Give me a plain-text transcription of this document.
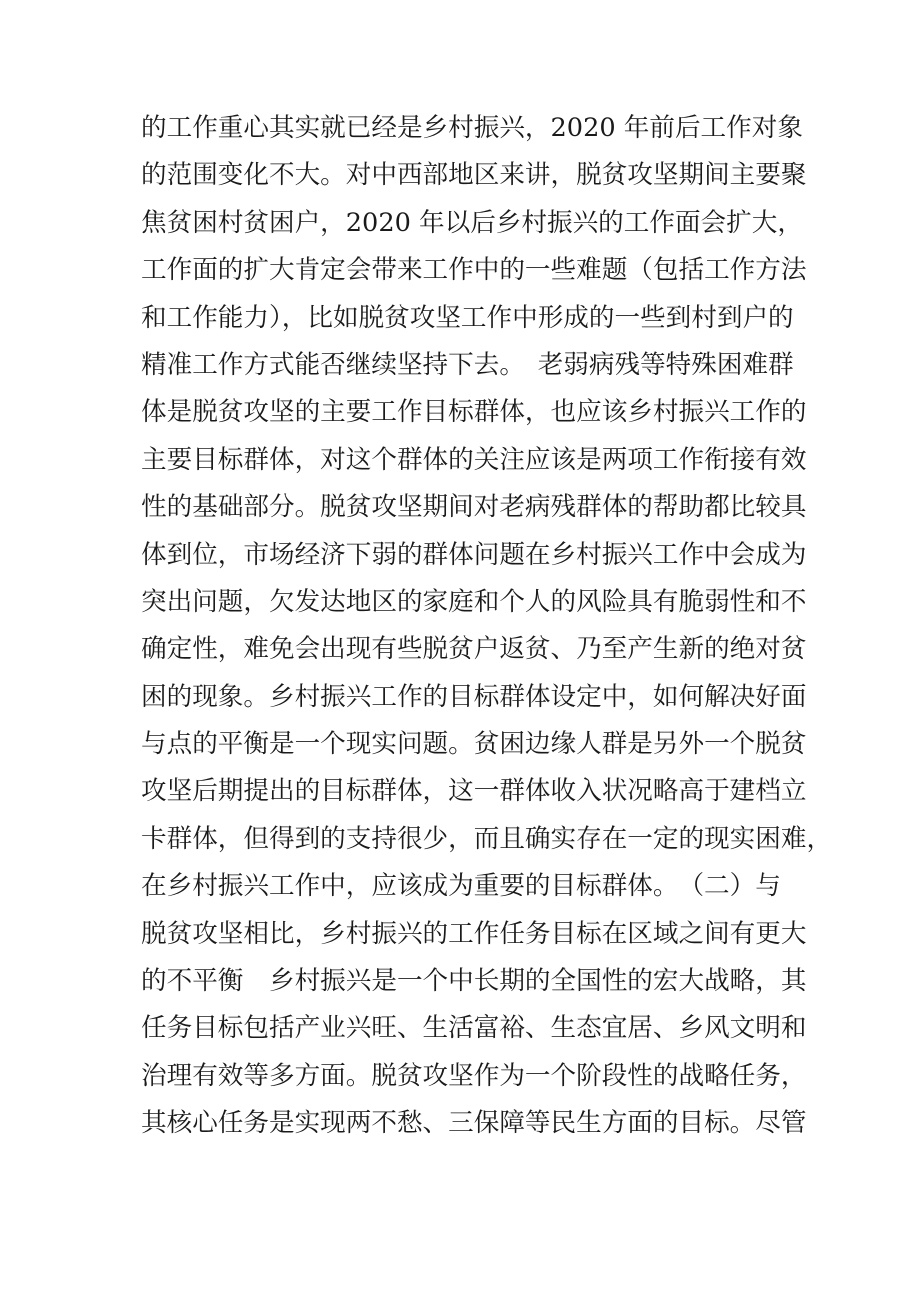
的工作重心其实就已经是乡村振兴，2020 年前后工作对象
的范围变化不大。对中西部地区来讲，脱贫攻坚期间主要聚
焦贫困村贫困户，2020 年以后乡村振兴的工作面会扩大，
工作面的扩大肯定会带来工作中的一些难题（包括工作方法
和工作能力），比如脱贫攻坚工作中形成的一些到村到户的
精准工作方式能否继续坚持下去。　老弱病残等特殊困难群
体是脱贫攻坚的主要工作目标群体，也应该乡村振兴工作的
主要目标群体，对这个群体的关注应该是两项工作衔接有效
性的基础部分。脱贫攻坚期间对老病残群体的帮助都比较具
体到位，市场经济下弱的群体问题在乡村振兴工作中会成为
突出问题，欠发达地区的家庭和个人的风险具有脆弱性和不
确定性，难免会出现有些脱贫户返贫、乃至产生新的绝对贫
困的现象。乡村振兴工作的目标群体设定中，如何解决好面
与点的平衡是一个现实问题。贫困边缘人群是另外一个脱贫
攻坚后期提出的目标群体，这一群体收入状况略高于建档立
卡群体，但得到的支持很少，而且确实存在一定的现实困难，
在乡村振兴工作中，应该成为重要的目标群体。　（二）与
脱贫攻坚相比，乡村振兴的工作任务目标在区域之间有更大
的不平衡　乡村振兴是一个中长期的全国性的宏大战略，其
任务目标包括产业兴旺、生活富裕、生态宜居、乡风文明和
治理有效等多方面。脱贫攻坚作为一个阶段性的战略任务，
其核心任务是实现两不愁、三保障等民生方面的目标。尽管
